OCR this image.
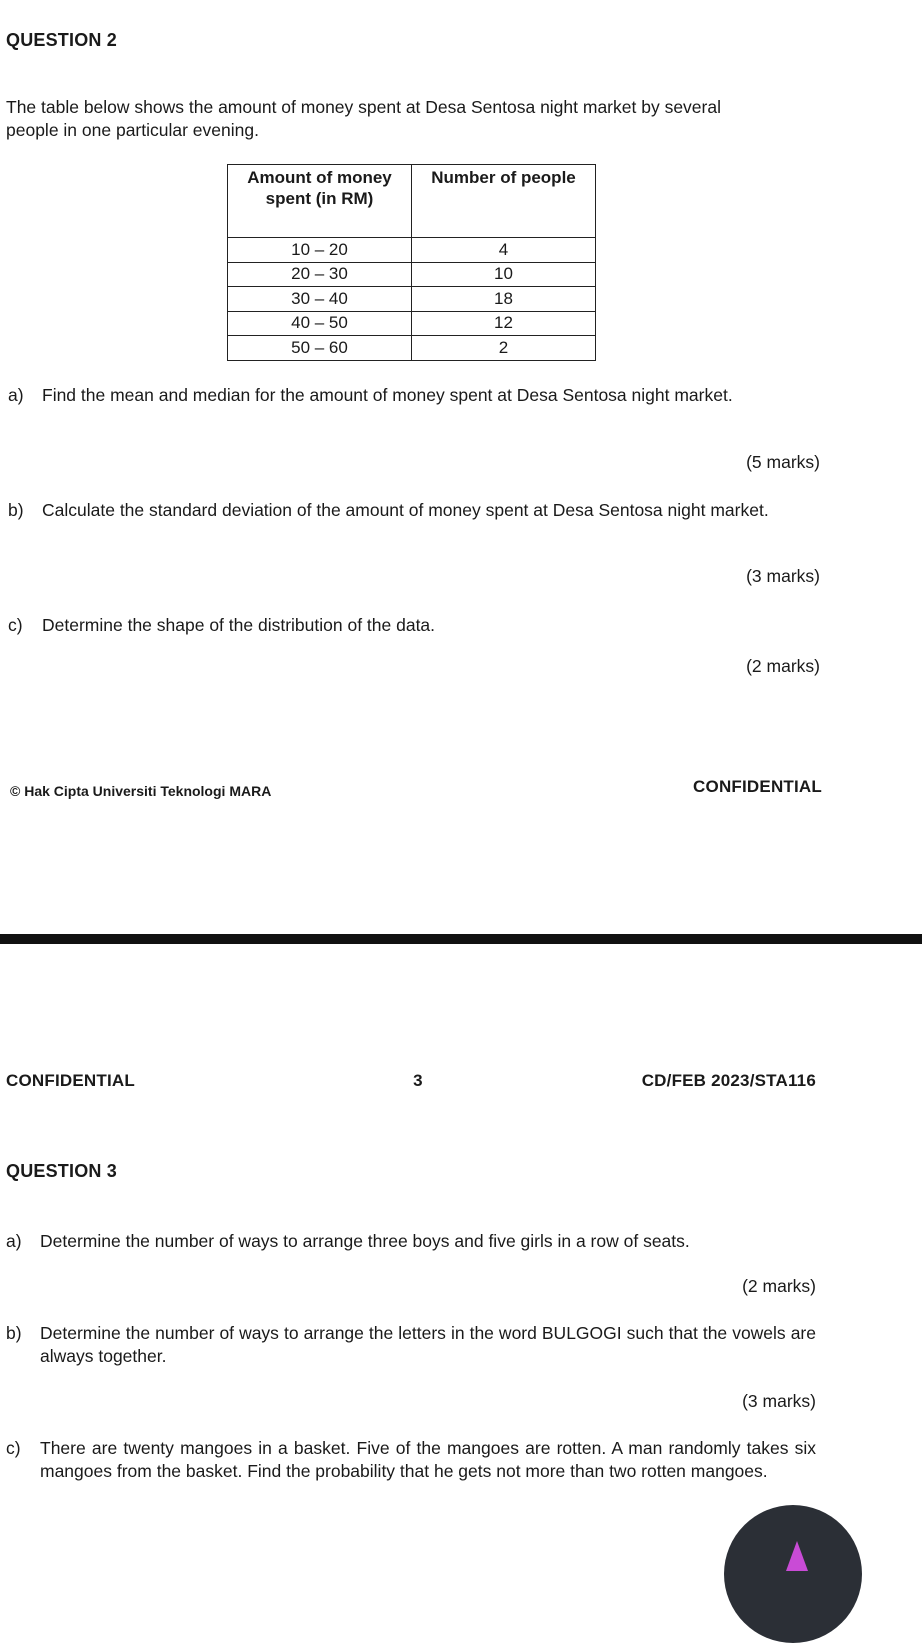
QUESTION 2
The table below shows the amount of money spent at Desa Sentosa night market by several
people in one particular evening.
Amount of money spent (in RM)	Number of people
10 – 20	4
20 – 30	10
30 – 40	18
40 – 50	12
50 – 60	2
a) Find the mean and median for the amount of money spent at Desa Sentosa night market.
(5 marks)
b) Calculate the standard deviation of the amount of money spent at Desa Sentosa night market.
(3 marks)
c) Determine the shape of the distribution of the data.
(2 marks)
© Hak Cipta Universiti Teknologi MARA	CONFIDENTIAL
CONFIDENTIAL	3	CD/FEB 2023/STA116
QUESTION 3
a) Determine the number of ways to arrange three boys and five girls in a row of seats.
(2 marks)
b) Determine the number of ways to arrange the letters in the word BULGOGI such that the vowels are always together.
(3 marks)
c) There are twenty mangoes in a basket. Five of the mangoes are rotten. A man randomly takes six mangoes from the basket. Find the probability that he gets not more than two rotten mangoes.
